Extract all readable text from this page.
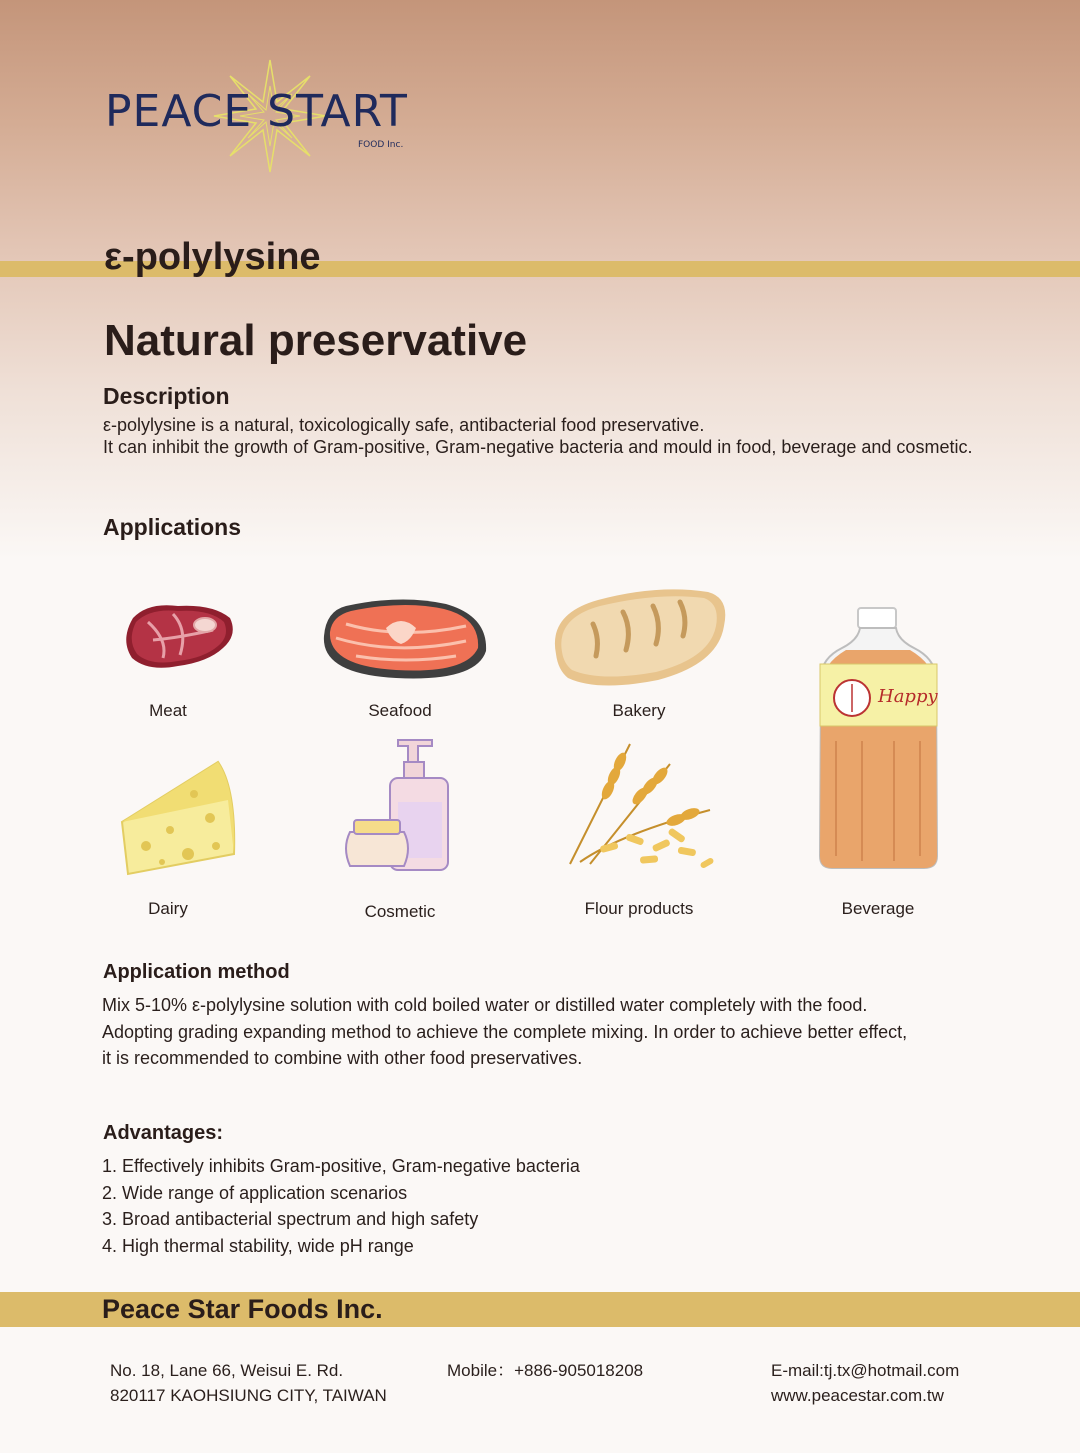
PEACE START
FOOD Inc.
ε-polylysine
Natural preservative
Description

ε-polylysine is a natural, toxicologically safe, antibacterial food preservative.

It can inhibit the growth of Gram-positive, Gram-negative bacteria and mould in food, beverage and cosmetic.

Applications
Meat	Seafood	Bakery
Happy
Beverage
Dairy	Cosmetic	Flour products
Application method

Mix 5-10% ε-polylysine solution with cold boiled water or distilled water completely with the food.

Adopting grading expanding method to achieve the complete mixing. In order to achieve better effect,

it is recommended to combine with other food preservatives.

Advantages:
1. Effectively inhibits Gram-positive, Gram-negative bacteria
2. Wide range of application scenarios
3. Broad antibacterial spectrum and high safety
4. High thermal stability, wide pH range
Peace Star Foods Inc.
No. 18, Lane 66, Weisui E. Rd.
820117 KAOHSIUNG CITY, TAIWAN
Mobile：+886-905018208	E-mail:tj.tx@hotmail.com
www.peacestar.com.tw
